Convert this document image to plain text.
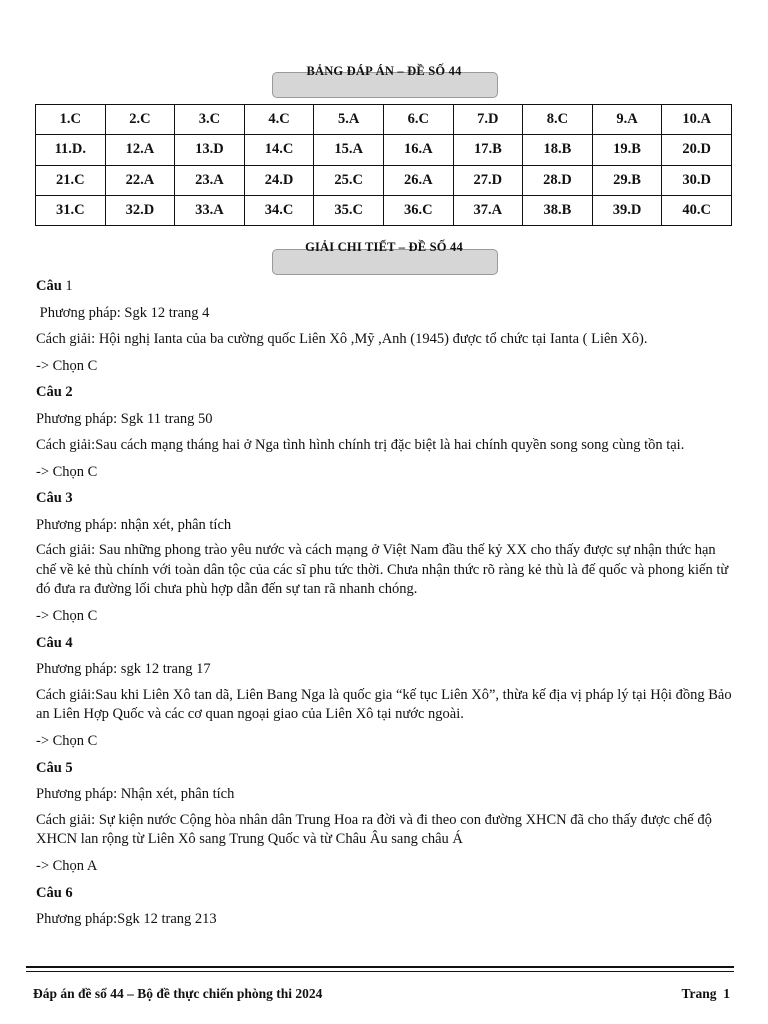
BẢNG ĐÁP ÁN – ĐỀ SỐ 44
1.C	2.C	3.C	4.C	5.A	6.C	7.D	8.C	9.A	10.A
11.D.	12.A	13.D	14.C	15.A	16.A	17.B	18.B	19.B	20.D
21.C	22.A	23.A	24.D	25.C	26.A	27.D	28.D	29.B	30.D
31.C	32.D	33.A	34.C	35.C	36.C	37.A	38.B	39.D	40.C
GIẢI CHI TIẾT – ĐỀ SỐ 44
Câu 1
Phương pháp: Sgk 12 trang 4
Cách giải: Hội nghị Ianta của ba cường quốc Liên Xô ,Mỹ ,Anh (1945) được tổ chức tại Ianta ( Liên Xô).
-> Chọn C
Câu 2
Phương pháp: Sgk 11 trang 50
Cách giải:Sau cách mạng tháng hai ở Nga tình hình chính trị đặc biệt là hai chính quyền song song cùng tồn tại.
-> Chọn C
Câu 3
Phương pháp: nhận xét, phân tích
Cách giải: Sau những phong trào yêu nước và cách mạng ở Việt Nam đầu thế kỷ XX cho thấy được sự nhận thức hạn chế về kẻ thù chính với toàn dân tộc của các sĩ phu tức thời. Chưa nhận thức rõ ràng kẻ thù là đế quốc và phong kiến từ đó đưa ra đường lối chưa phù hợp dẫn đến sự tan rã nhanh chóng.
-> Chọn C
Câu 4
Phương pháp: sgk 12 trang 17
Cách giải:Sau khi Liên Xô tan dã, Liên Bang Nga là quốc gia “kế tục Liên Xô”, thừa kế địa vị pháp lý tại Hội đồng Bảo an Liên Hợp Quốc và các cơ quan ngoại giao của Liên Xô tại nước ngoài.
-> Chọn C
Câu 5
Phương pháp: Nhận xét, phân tích
Cách giải: Sự kiện nước Cộng hòa nhân dân Trung Hoa ra đời và đi theo con đường XHCN đã cho thấy được chế độ XHCN lan rộng từ Liên Xô sang Trung Quốc và từ Châu Âu sang châu Á
-> Chọn A
Câu 6
Phương pháp:Sgk 12 trang 213
Đáp án đề số 44 – Bộ đề thực chiến phòng thi 2024	Trang 1
